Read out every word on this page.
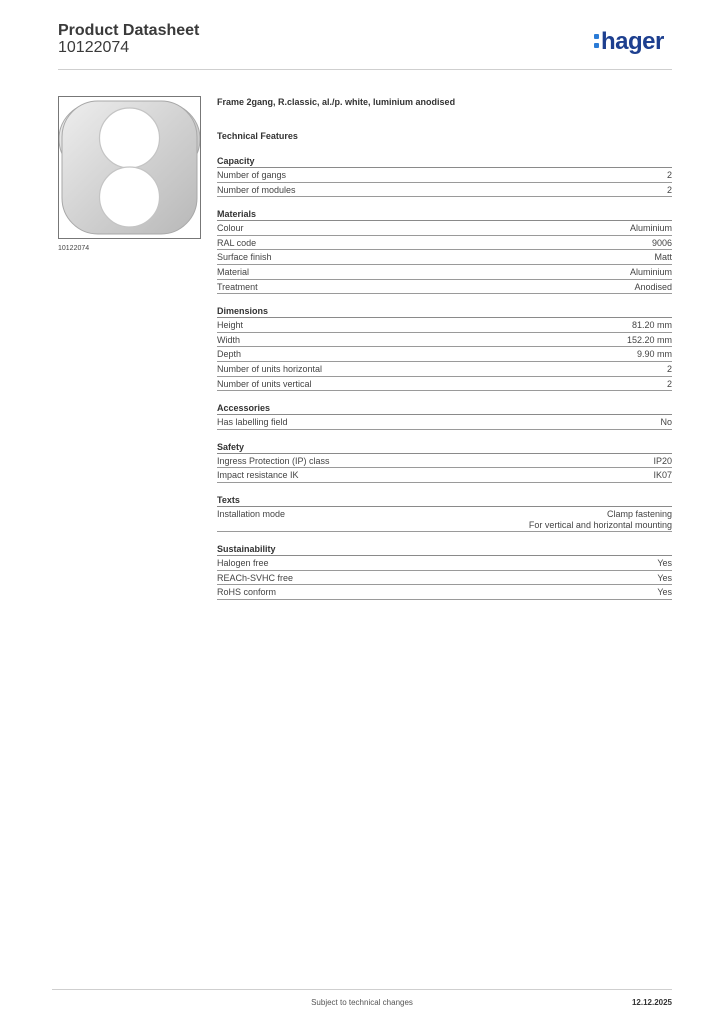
Product Datasheet
10122074	hager
10122074
Frame 2gang, R.classic, al./p. white, luminium anodised
Technical Features
Capacity
Number of gangs	2
Number of modules	2
Materials
Colour	Aluminium
RAL code	9006
Surface finish	Matt
Material	Aluminium
Treatment	Anodised
Dimensions
Height	81.20 mm
Width	152.20 mm
Depth	9.90 mm
Number of units horizontal	2
Number of units vertical	2
Accessories
Has labelling field	No
Safety
Ingress Protection (IP) class	IP20
Impact resistance IK	IK07
Texts
Installation mode	Clamp fastening
For vertical and horizontal mounting
Sustainability
Halogen free	Yes
REACh-SVHC free	Yes
RoHS conform	Yes
Subject to technical changes	12.12.2025
